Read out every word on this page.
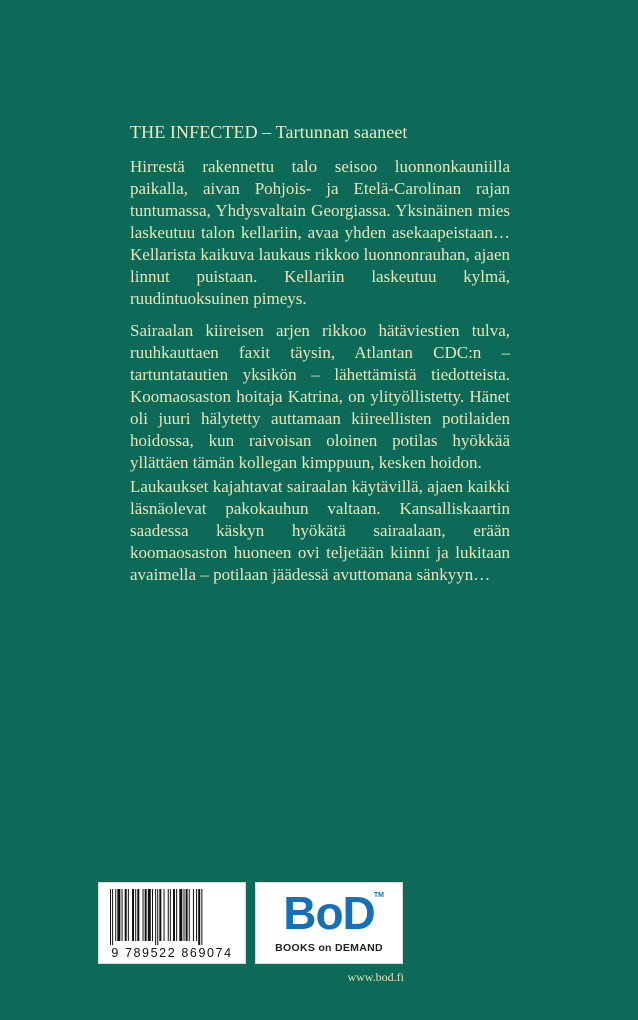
THE INFECTED – Tartunnan saaneet

Hirrestä rakennettu talo seisoo luonnonkauniilla paikalla, aivan Pohjois- ja Etelä-Carolinan rajan tuntumassa, Yhdysvaltain Georgiassa. Yksinäinen mies laskeutuu talon kellariin, avaa yhden asekaapeistaan… Kellarista kaikuva laukaus rikkoo luonnonrauhan, ajaen linnut puistaan. Kellariin laskeutuu kylmä, ruudintuoksuinen pimeys.

Sairaalan kiireisen arjen rikkoo hätäviestien tulva, ruuhkauttaen faxit täysin, Atlantan CDC:n – tartuntatautien yksikön – lähettämistä tiedotteista. Koomaosaston hoitaja Katrina, on ylityöllistetty. Hänet oli juuri hälytetty auttamaan kiireellisten potilaiden hoidossa, kun raivoisan oloinen potilas hyökkää yllättäen tämän kollegan kimppuun, kesken hoidon.

Laukaukset kajahtavat sairaalan käytävillä, ajaen kaikki läsnäolevat pakokauhun valtaan. Kansalliskaartin saadessa käskyn hyökätä sairaalaan, erään koomaosaston huoneen ovi teljetään kiinni ja lukitaan avaimella – potilaan jäädessä avuttomana sänkyyn…

9 789522 869074
BoD TM
BOOKS on DEMAND
www.bod.fi
